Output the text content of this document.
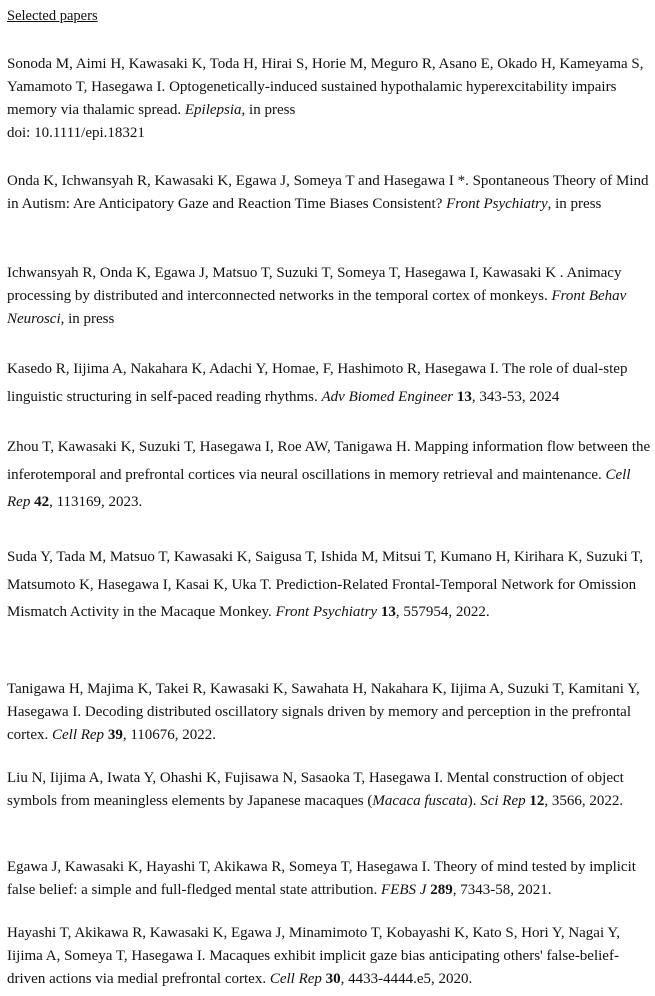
Selected papers

Sonoda M, Aimi H, Kawasaki K, Toda H, Hirai S, Horie M, Meguro R, Asano E, Okado H, Kameyama S, Yamamoto T, Hasegawa I. Optogenetically‐induced sustained hypothalamic hyperexcitability impairs memory via thalamic spread. Epilepsia, in press
doi: 10.1111/epi.18321

Onda K, Ichwansyah R, Kawasaki K, Egawa J, Someya T and Hasegawa I *. Spontaneous Theory of Mind in Autism: Are Anticipatory Gaze and Reaction Time Biases Consistent? Front Psychiatry, in press

Ichwansyah R, Onda K, Egawa J, Matsuo T, Suzuki T, Someya T, Hasegawa I, Kawasaki K . Animacy processing by distributed and interconnected networks in the temporal cortex of monkeys. Front Behav Neurosci, in press

Kasedo R, Iijima A, Nakahara K, Adachi Y, Homae, F, Hashimoto R, Hasegawa I. The role of dual-step linguistic structuring in self-paced reading rhythms. Adv Biomed Engineer 13, 343-53, 2024

Zhou T, Kawasaki K, Suzuki T, Hasegawa I, Roe AW, Tanigawa H. Mapping information flow between the inferotemporal and prefrontal cortices via neural oscillations in memory retrieval and maintenance. Cell Rep 42, 113169, 2023.

Suda Y, Tada M, Matsuo T, Kawasaki K, Saigusa T, Ishida M, Mitsui T, Kumano H, Kirihara K, Suzuki T, Matsumoto K, Hasegawa I, Kasai K, Uka T. Prediction-Related Frontal-Temporal Network for Omission Mismatch Activity in the Macaque Monkey. Front Psychiatry 13, 557954, 2022.

Tanigawa H, Majima K, Takei R, Kawasaki K, Sawahata H, Nakahara K, Iijima A, Suzuki T, Kamitani Y, Hasegawa I. Decoding distributed oscillatory signals driven by memory and perception in the prefrontal cortex. Cell Rep 39, 110676, 2022.

Liu N, Iijima A, Iwata Y, Ohashi K, Fujisawa N, Sasaoka T, Hasegawa I. Mental construction of object symbols from meaningless elements by Japanese macaques (Macaca fuscata). Sci Rep 12, 3566, 2022.

Egawa J, Kawasaki K, Hayashi T, Akikawa R, Someya T, Hasegawa I. Theory of mind tested by implicit false belief: a simple and full-fledged mental state attribution. FEBS J 289, 7343-58, 2021.

Hayashi T, Akikawa R, Kawasaki K, Egawa J, Minamimoto T, Kobayashi K, Kato S, Hori Y, Nagai Y, Iijima A, Someya T, Hasegawa I. Macaques exhibit implicit gaze bias anticipating others' false-belief-driven actions via medial prefrontal cortex. Cell Rep 30, 4433‐4444.e5, 2020.
